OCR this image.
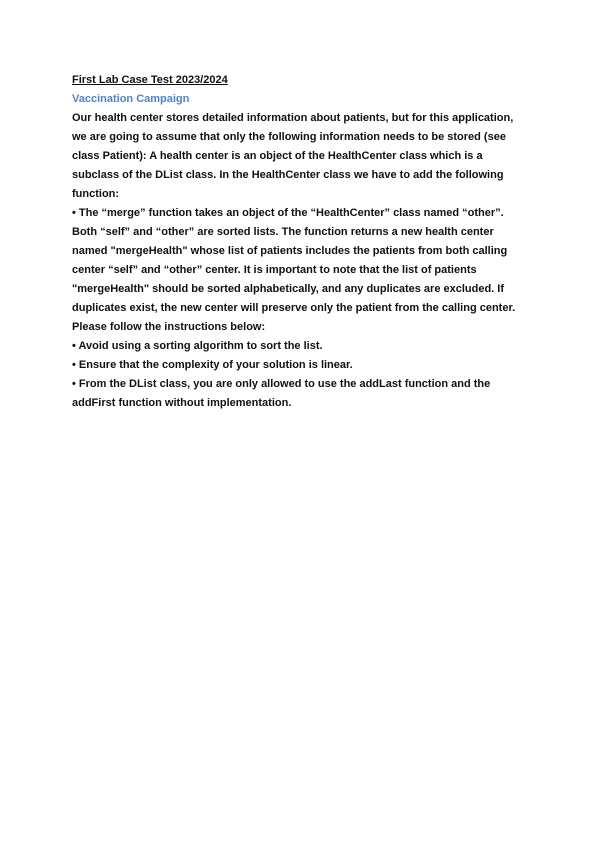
First Lab Case Test 2023/2024
Vaccination Campaign
Our health center stores detailed information about patients, but for this application,
we are going to assume that only the following information needs to be stored (see
class Patient): A health center is an object of the HealthCenter class which is a
subclass of the DList class. In the HealthCenter class we have to add the following
function:
• The “merge” function takes an object of the “HealthCenter” class named “other”.
Both “self” and “other” are sorted lists. The function returns a new health center
named "mergeHealth" whose list of patients includes the patients from both calling
center “self” and “other” center. It is important to note that the list of patients
"mergeHealth" should be sorted alphabetically, and any duplicates are excluded. If
duplicates exist, the new center will preserve only the patient from the calling center.
Please follow the instructions below:
• Avoid using a sorting algorithm to sort the list.
• Ensure that the complexity of your solution is linear.
• From the DList class, you are only allowed to use the addLast function and the
addFirst function without implementation.
